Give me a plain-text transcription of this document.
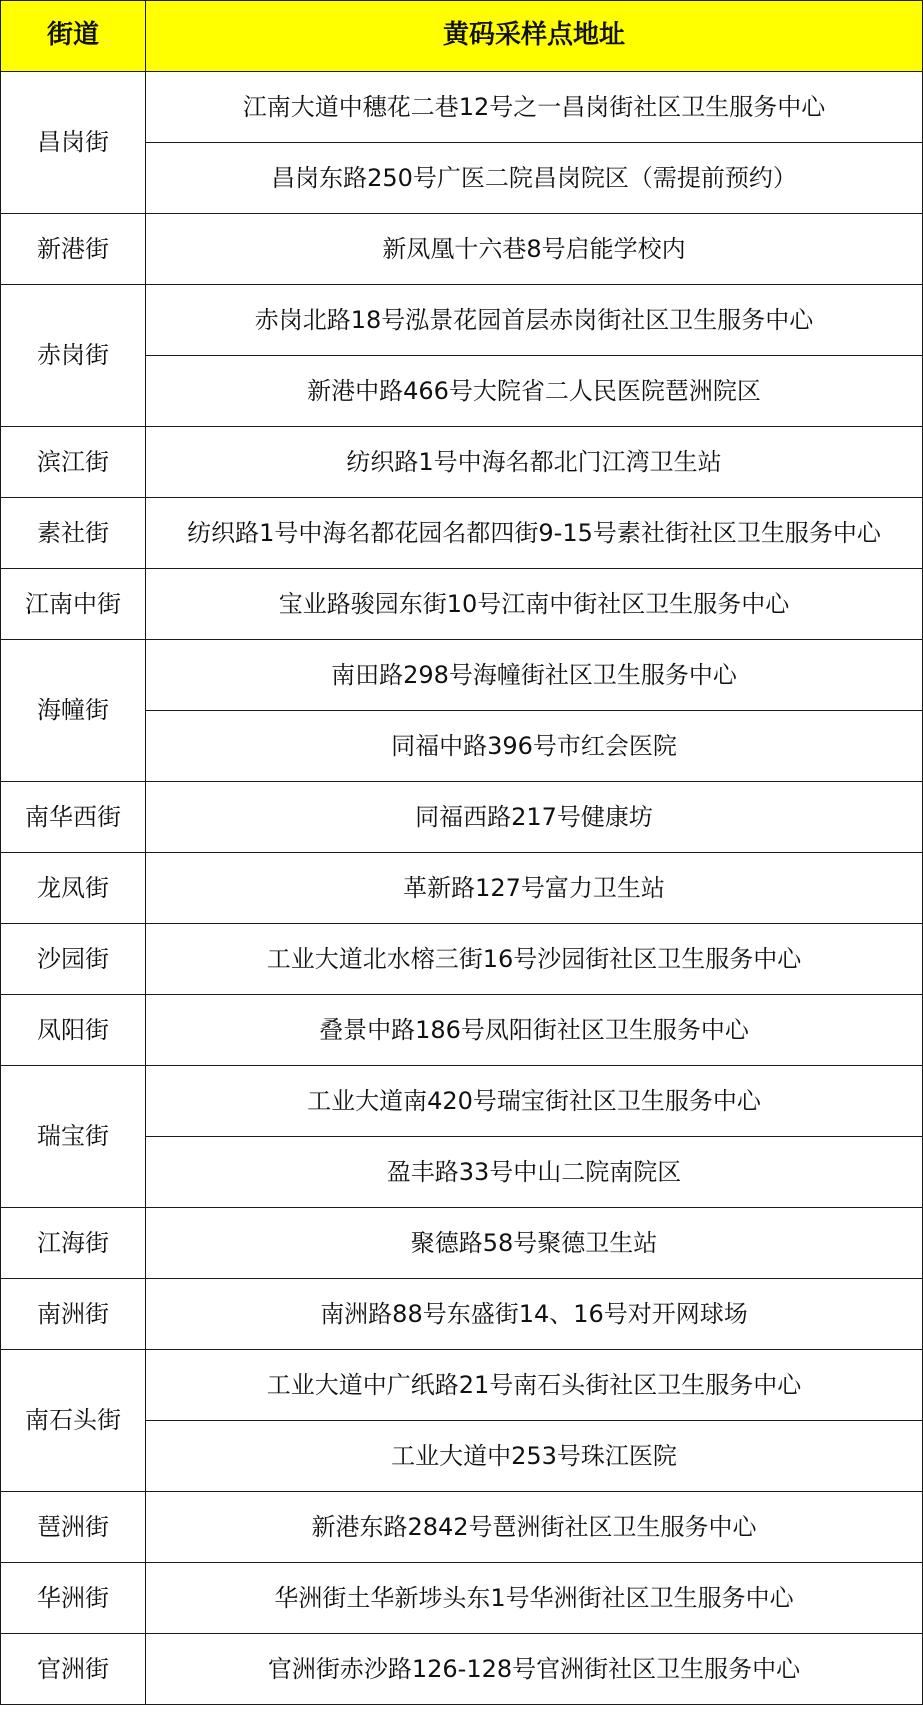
街道	黄码采样点地址
昌岗街	江南大道中穗花二巷12号之一昌岗街社区卫生服务中心
	昌岗东路250号广医二院昌岗院区（需提前预约）
新港街	新凤凰十六巷8号启能学校内
赤岗街	赤岗北路18号泓景花园首层赤岗街社区卫生服务中心
	新港中路466号大院省二人民医院琶洲院区
滨江街	纺织路1号中海名都北门江湾卫生站
素社街	纺织路1号中海名都花园名都四街9-15号素社街社区卫生服务中心
江南中街	宝业路骏园东街10号江南中街社区卫生服务中心
海幢街	南田路298号海幢街社区卫生服务中心
	同福中路396号市红会医院
南华西街	同福西路217号健康坊
龙凤街	革新路127号富力卫生站
沙园街	工业大道北水榕三街16号沙园街社区卫生服务中心
凤阳街	叠景中路186号凤阳街社区卫生服务中心
瑞宝街	工业大道南420号瑞宝街社区卫生服务中心
	盈丰路33号中山二院南院区
江海街	聚德路58号聚德卫生站
南洲街	南洲路88号东盛街14、16号对开网球场
南石头街	工业大道中广纸路21号南石头街社区卫生服务中心
	工业大道中253号珠江医院
琶洲街	新港东路2842号琶洲街社区卫生服务中心
华洲街	华洲街土华新埗头东1号华洲街社区卫生服务中心
官洲街	官洲街赤沙路126-128号官洲街社区卫生服务中心
